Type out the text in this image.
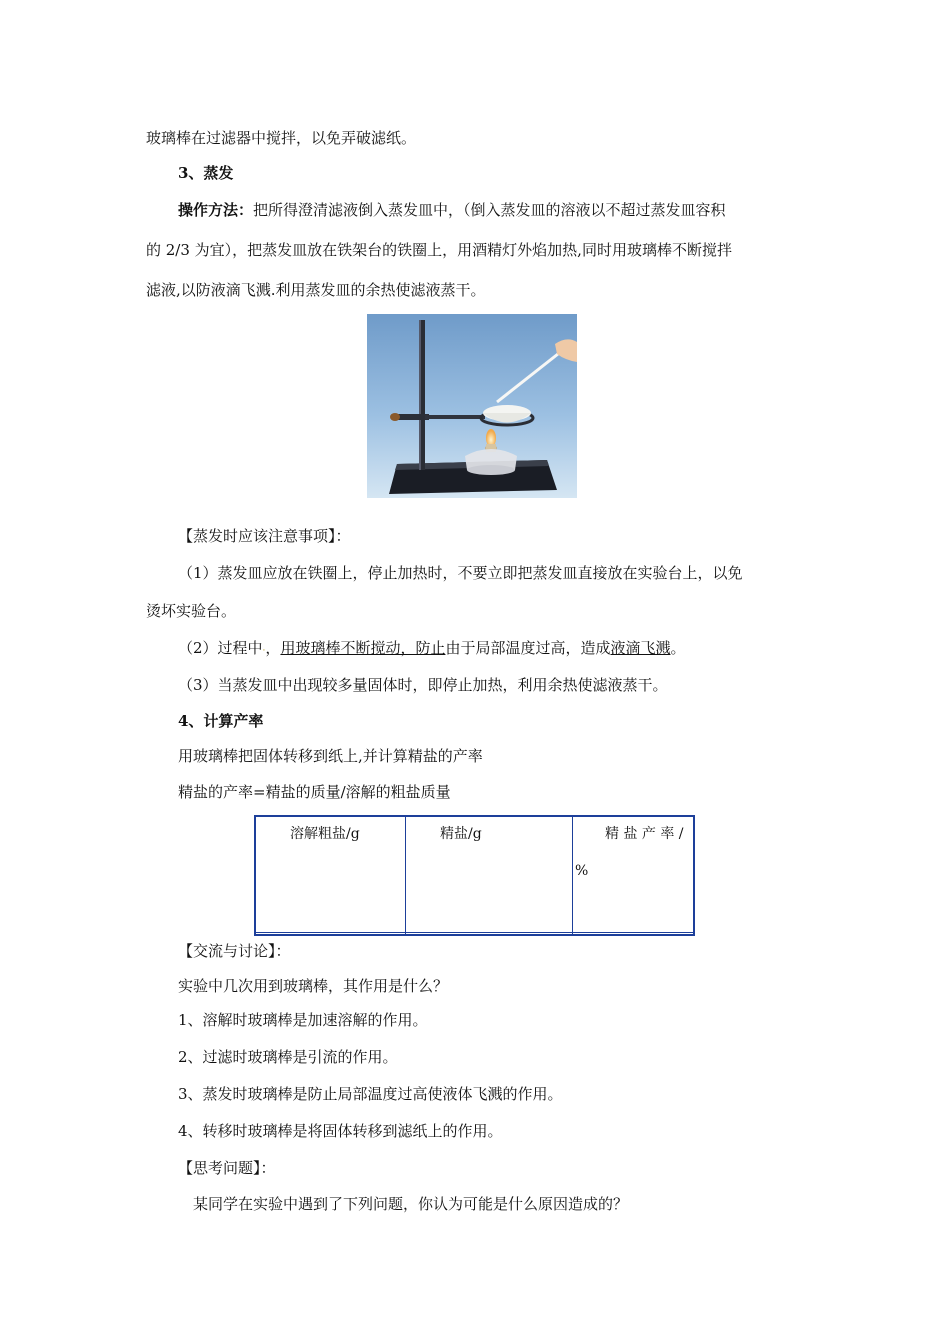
玻璃棒在过滤器中搅拌，以免弄破滤纸。
3、蒸发
操作方法：把所得澄清滤液倒入蒸发皿中，（倒入蒸发皿的溶液以不超过蒸发皿容积
的 2/3 为宜），把蒸发皿放在铁架台的铁圈上，用酒精灯外焰加热,同时用玻璃棒不断搅拌
滤液,以防液滴飞溅.利用蒸发皿的余热使滤液蒸干。
【蒸发时应该注意事项】：
（1）蒸发皿应放在铁圈上，停止加热时，不要立即把蒸发皿直接放在实验台上，以免
烫坏实验台。
（2）过程中·，用玻璃棒不断搅动，防止由于局部温度过高，造成液滴飞溅。
（3）当蒸发皿中出现较多量固体时，即停止加热，利用余热使滤液蒸干。
4、计算产率
用玻璃棒把固体转移到纸上,并计算精盐的产率
精盐的产率=精盐的质量/溶解的粗盐质量
溶解粗盐/g	精盐/g	精 盐 产 率 /
%

【交流与讨论】：
实验中几次用到玻璃棒，其作用是什么？
1、溶解时玻璃棒是加速溶解的作用。
2、过滤时玻璃棒是引流的作用。
3、蒸发时玻璃棒是防止局部温度过高使液体飞溅的作用。
4、转移时玻璃棒是将固体转移到滤纸上的作用。
【思考问题】：
某同学在实验中遇到了下列问题，你认为可能是什么原因造成的？
